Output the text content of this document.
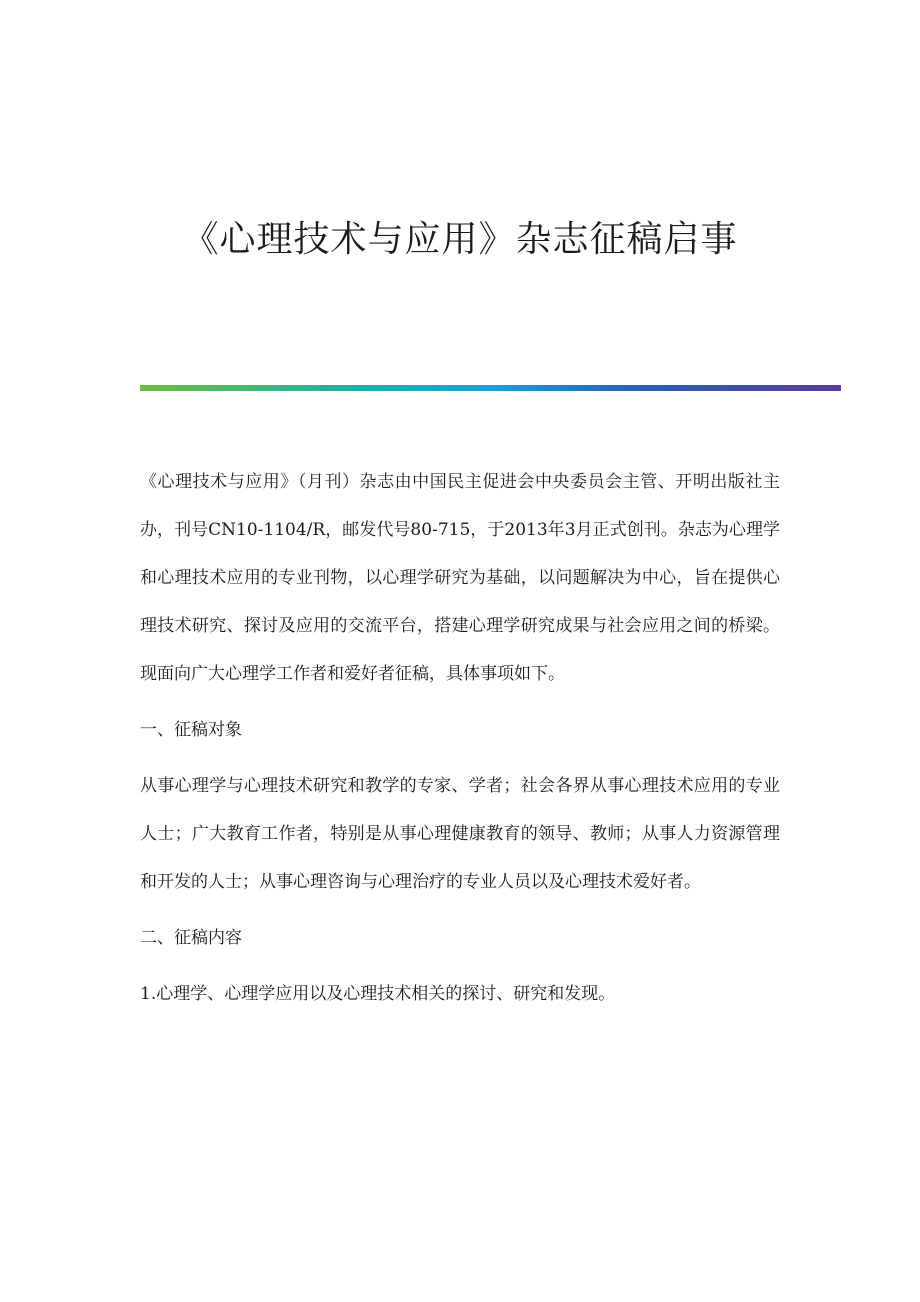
《心理技术与应用》杂志征稿启事

《心理技术与应用》（月刊）杂志由中国民主促进会中央委员会主管、开明出版社主办，刊号CN10-1104/R，邮发代号80-715，于2013年3月正式创刊。杂志为心理学和心理技术应用的专业刊物，以心理学研究为基础，以问题解决为中心，旨在提供心理技术研究、探讨及应用的交流平台，搭建心理学研究成果与社会应用之间的桥梁。现面向广大心理学工作者和爱好者征稿，具体事项如下。

一、征稿对象

从事心理学与心理技术研究和教学的专家、学者；社会各界从事心理技术应用的专业人士；广大教育工作者，特别是从事心理健康教育的领导、教师；从事人力资源管理和开发的人士；从事心理咨询与心理治疗的专业人员以及心理技术爱好者。

二、征稿内容

1.心理学、心理学应用以及心理技术相关的探讨、研究和发现。
